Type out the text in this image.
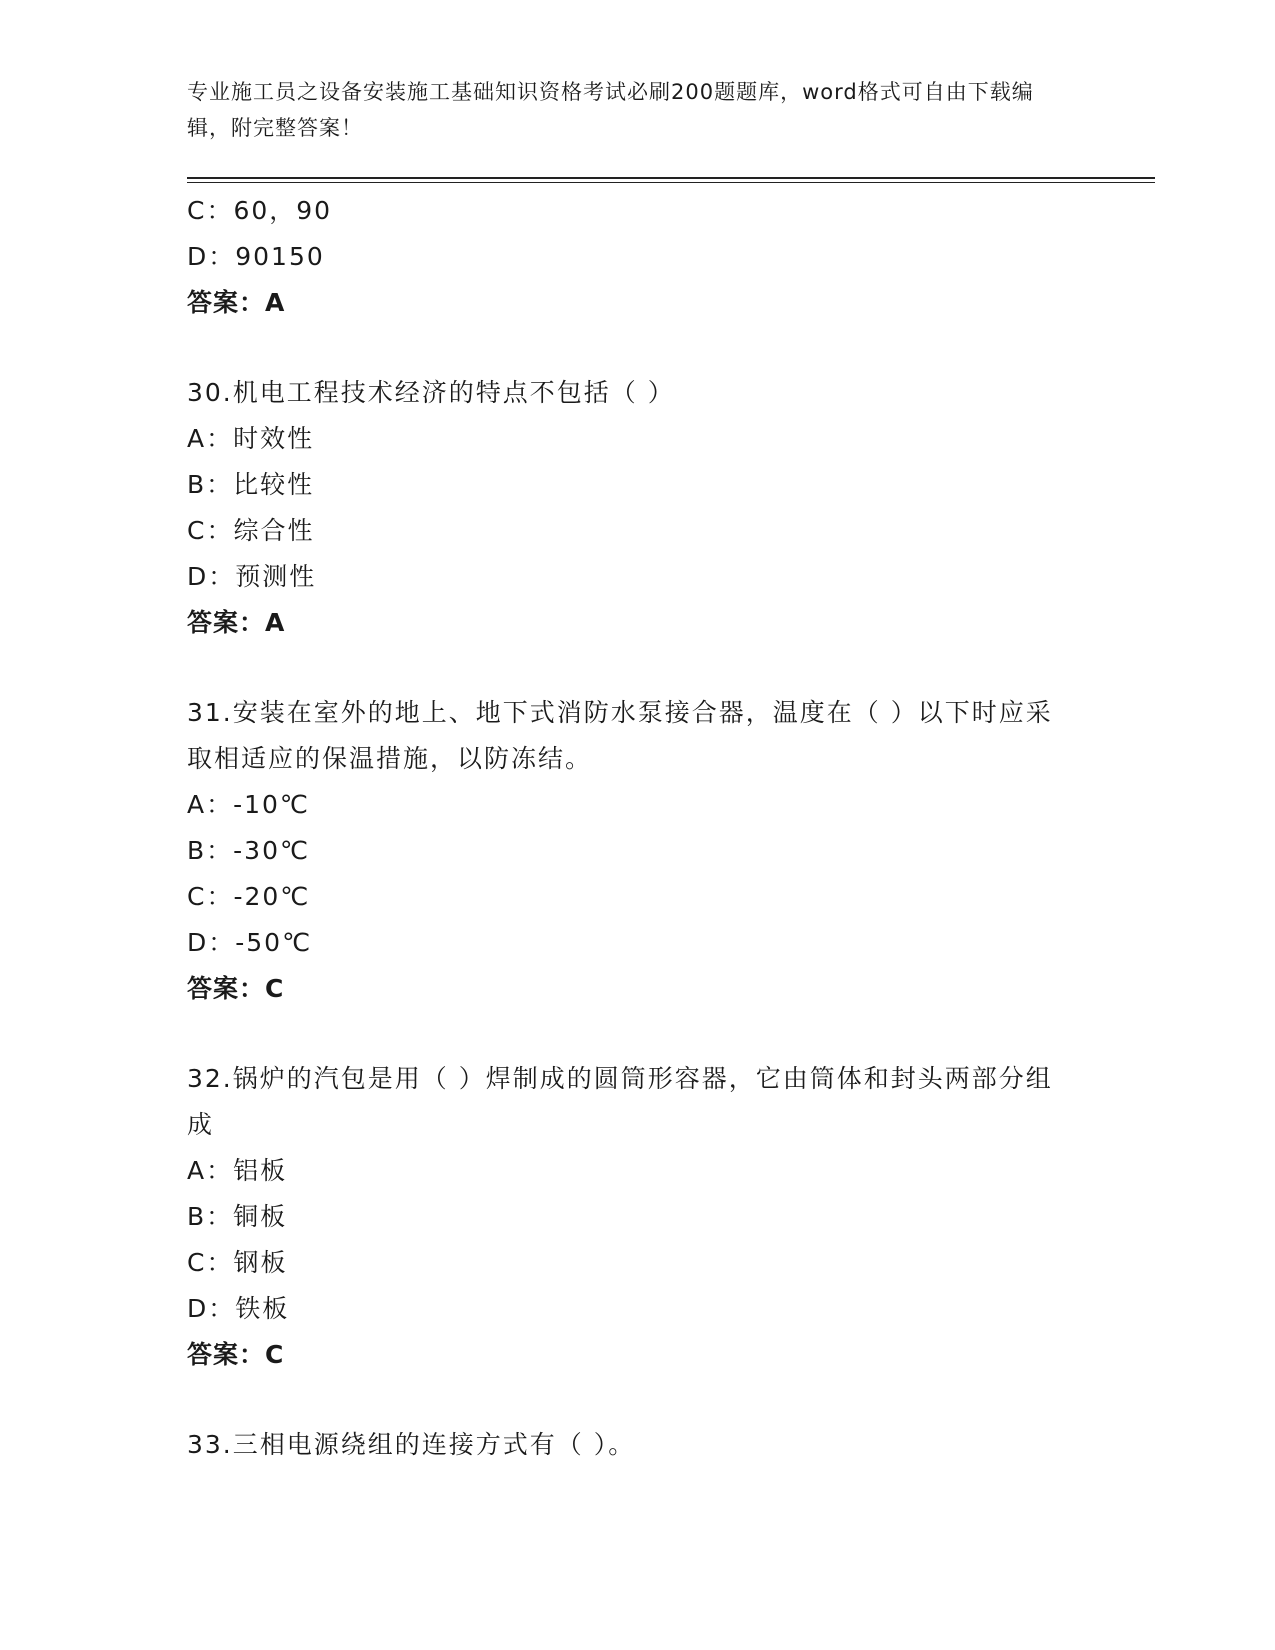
专业施工员之设备安装施工基础知识资格考试必刷200题题库，word格式可自由下载编辑，附完整答案！
C：60，90
D：90150
答案：A
30.机电工程技术经济的特点不包括（ ）
A：时效性
B：比较性
C：综合性
D：预测性
答案：A
31.安装在室外的地上、地下式消防水泵接合器，温度在（ ）以下时应采取相适应的保温措施，以防冻结。
A：-10℃
B：-30℃
C：-20℃
D：-50℃
答案：C
32.锅炉的汽包是用（ ）焊制成的圆筒形容器，它由筒体和封头两部分组成
A：铝板
B：铜板
C：钢板
D：铁板
答案：C
33.三相电源绕组的连接方式有（ ）。
